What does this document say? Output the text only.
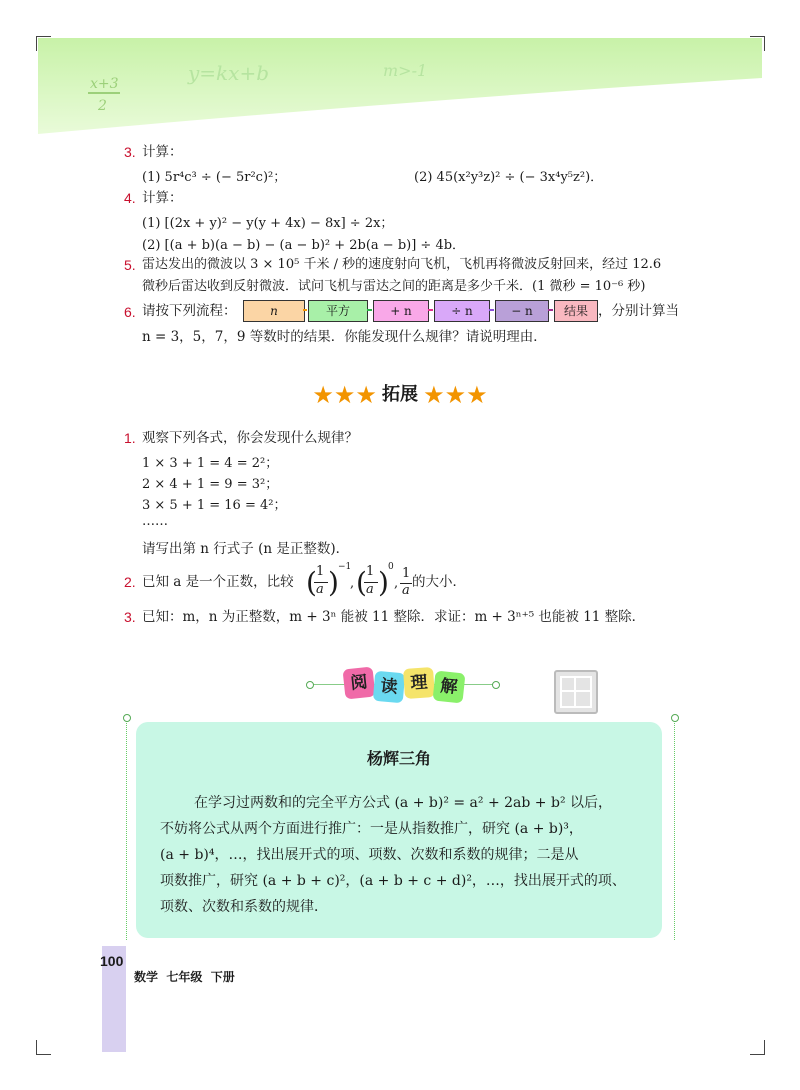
x+3
2
y=kx+b	m>-1
3. 计算：
(1) 5r⁴c³ ÷ (− 5r²c)²；	(2) 45(x²y³z)² ÷ (− 3x⁴y⁵z²)．
4. 计算：
(1) [(2x + y)² − y(y + 4x) − 8x] ÷ 2x；
(2) [(a + b)(a − b) − (a − b)² + 2b(a − b)] ÷ 4b．
5. 雷达发出的微波以 3 × 10⁵ 千米 / 秒的速度射向飞机，飞机再将微波反射回来，经过 12.6
微秒后雷达收到反射微波．试问飞机与雷达之间的距离是多少千米．(1 微秒 = 10⁻⁶ 秒)
6. 请按下列流程：	n	平方	+ n	÷ n	− n	结果 ，分别计算当
n = 3，5，7，9 等数时的结果．你能发现什么规律？请说明理由．
★★★ 拓展 ★★★
1. 观察下列各式，你会发现什么规律？
1 × 3 + 1 = 4 = 2²；
2 × 4 + 1 = 9 = 3²；
3 × 5 + 1 = 16 = 4²；
……
请写出第 n 行式子 (n 是正整数)．
2. 已知 a 是一个正数，比较 ( 1
a ) −1
, ( 1
a ) 0
,
1
a
的大小．
3. 已知：m，n 为正整数，m + 3ⁿ 能被 11 整除．求证：m + 3ⁿ⁺⁵ 也能被 11 整除．
阅 读 理 解
杨辉三角
在学习过两数和的完全平方公式 (a + b)² = a² + 2ab + b² 以后，
不妨将公式从两个方面进行推广：一是从指数推广，研究 (a + b)³，
(a + b)⁴，…，找出展开式的项、项数、次数和系数的规律；二是从
项数推广，研究 (a + b + c)²，(a + b + c + d)²，…，找出展开式的项、
项数、次数和系数的规律．
100
数学  七年级  下册
